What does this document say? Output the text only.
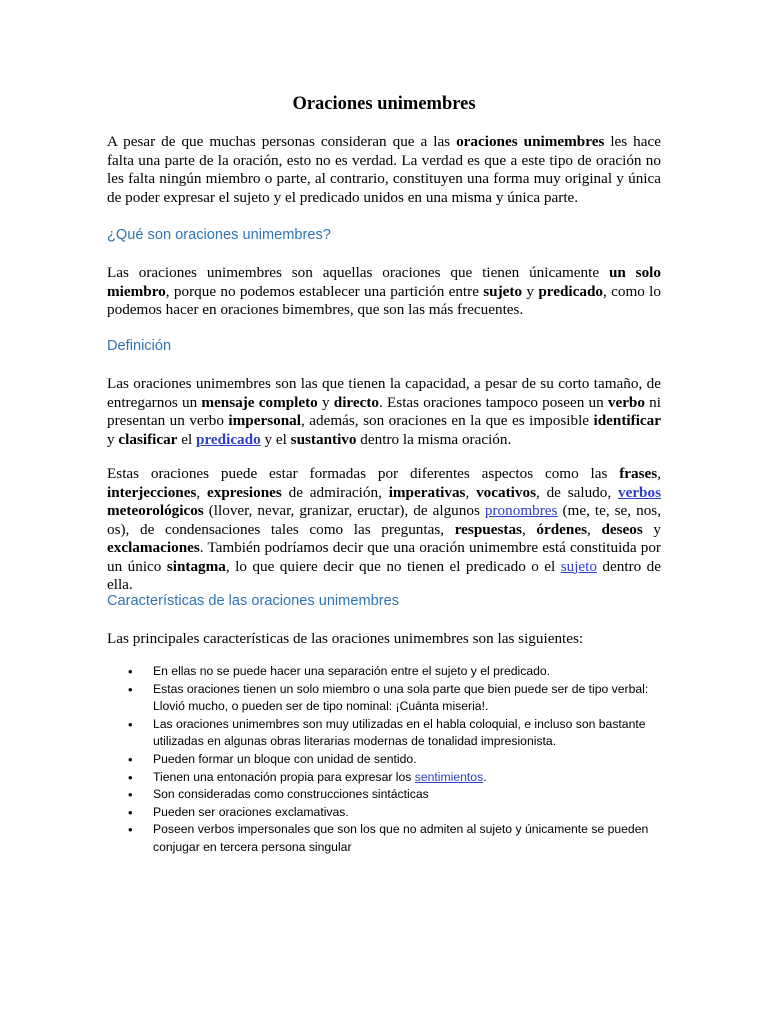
Oraciones unimembres

A pesar de que muchas personas consideran que a las oraciones unimembres les hace falta una parte de la oración, esto no es verdad. La verdad es que a este tipo de oración no les falta ningún miembro o parte, al contrario, constituyen una forma muy original y única de poder expresar el sujeto y el predicado unidos en una misma y única parte.

¿Qué son oraciones unimembres?

Las oraciones unimembres son aquellas oraciones que tienen únicamente un solo miembro, porque no podemos establecer una partición entre sujeto y predicado, como lo podemos hacer en oraciones bimembres, que son las más frecuentes.

Definición

Las oraciones unimembres son las que tienen la capacidad, a pesar de su corto tamaño, de entregarnos un mensaje completo y directo. Estas oraciones tampoco poseen un verbo ni presentan un verbo impersonal, además, son oraciones en la que es imposible identificar y clasificar el predicado y el sustantivo dentro la misma oración.

Estas oraciones puede estar formadas por diferentes aspectos como las frases, interjecciones, expresiones de admiración, imperativas, vocativos, de saludo, verbos meteorológicos (llover, nevar, granizar, eructar), de algunos pronombres (me, te, se, nos, os), de condensaciones tales como las preguntas, respuestas, órdenes, deseos y exclamaciones. También podríamos decir que una oración unimembre está constituida por un único sintagma, lo que quiere decir que no tienen el predicado o el sujeto dentro de ella.

Características de las oraciones unimembres

Las principales características de las oraciones unimembres son las siguientes:

• En ellas no se puede hacer una separación entre el sujeto y el predicado.
• Estas oraciones tienen un solo miembro o una sola parte que bien puede ser de tipo verbal: Llovió mucho, o pueden ser de tipo nominal: ¡Cuánta miseria!.
• Las oraciones unimembres son muy utilizadas en el habla coloquial, e incluso son bastante utilizadas en algunas obras literarias modernas de tonalidad impresionista.
• Pueden formar un bloque con unidad de sentido.
• Tienen una entonación propia para expresar los sentimientos.
• Son consideradas como construcciones sintácticas
• Pueden ser oraciones exclamativas.
• Poseen verbos impersonales que son los que no admiten al sujeto y únicamente se pueden conjugar en tercera persona singular
